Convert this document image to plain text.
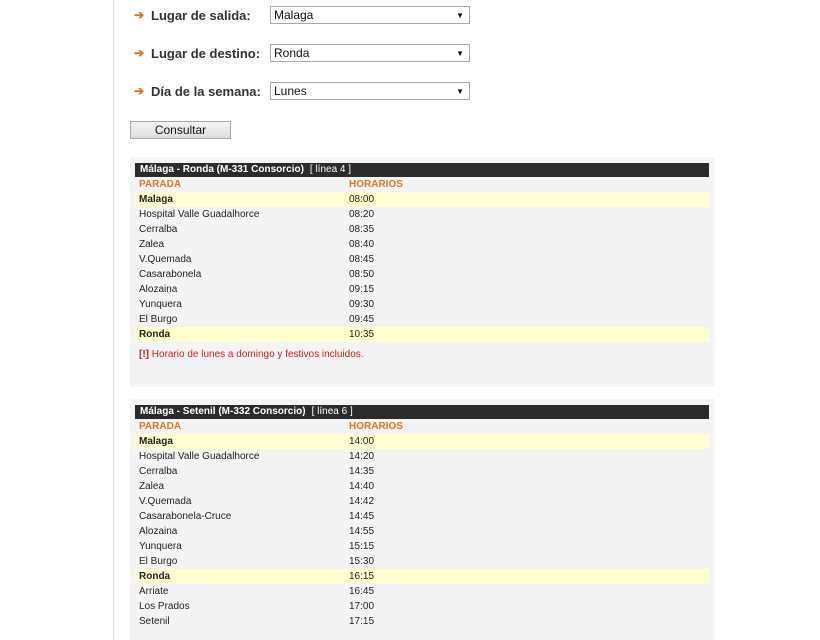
➔ Lugar de salida:	Malaga	▼
➔ Lugar de destino:	Ronda	▼
➔ Día de la semana:	Lunes	▼
Consultar
Málaga - Ronda (M-331 Consorcio) [ línea 4 ]
PARADA	HORARIOS
Malaga	08:00
Hospital Valle Guadalhorce	08:20
Cerralba	08:35
Zalea	08:40
V.Quemada	08:45
Casarabonela	08:50
Alozaina	09:15
Yunquera	09:30
El Burgo	09:45
Ronda	10:35
[!] Horario de lunes a domingo y festivos incluidos.
Málaga - Setenil (M-332 Consorcio) [ línea 6 ]
PARADA	HORARIOS
Malaga	14:00
Hospital Valle Guadalhorce	14:20
Cerralba	14:35
Zalea	14:40
V.Quemada	14:42
Casarabonela-Cruce	14:45
Alozaina	14:55
Yunquera	15:15
El Burgo	15:30
Ronda	16:15
Arriate	16:45
Los Prados	17:00
Setenil	17:15
